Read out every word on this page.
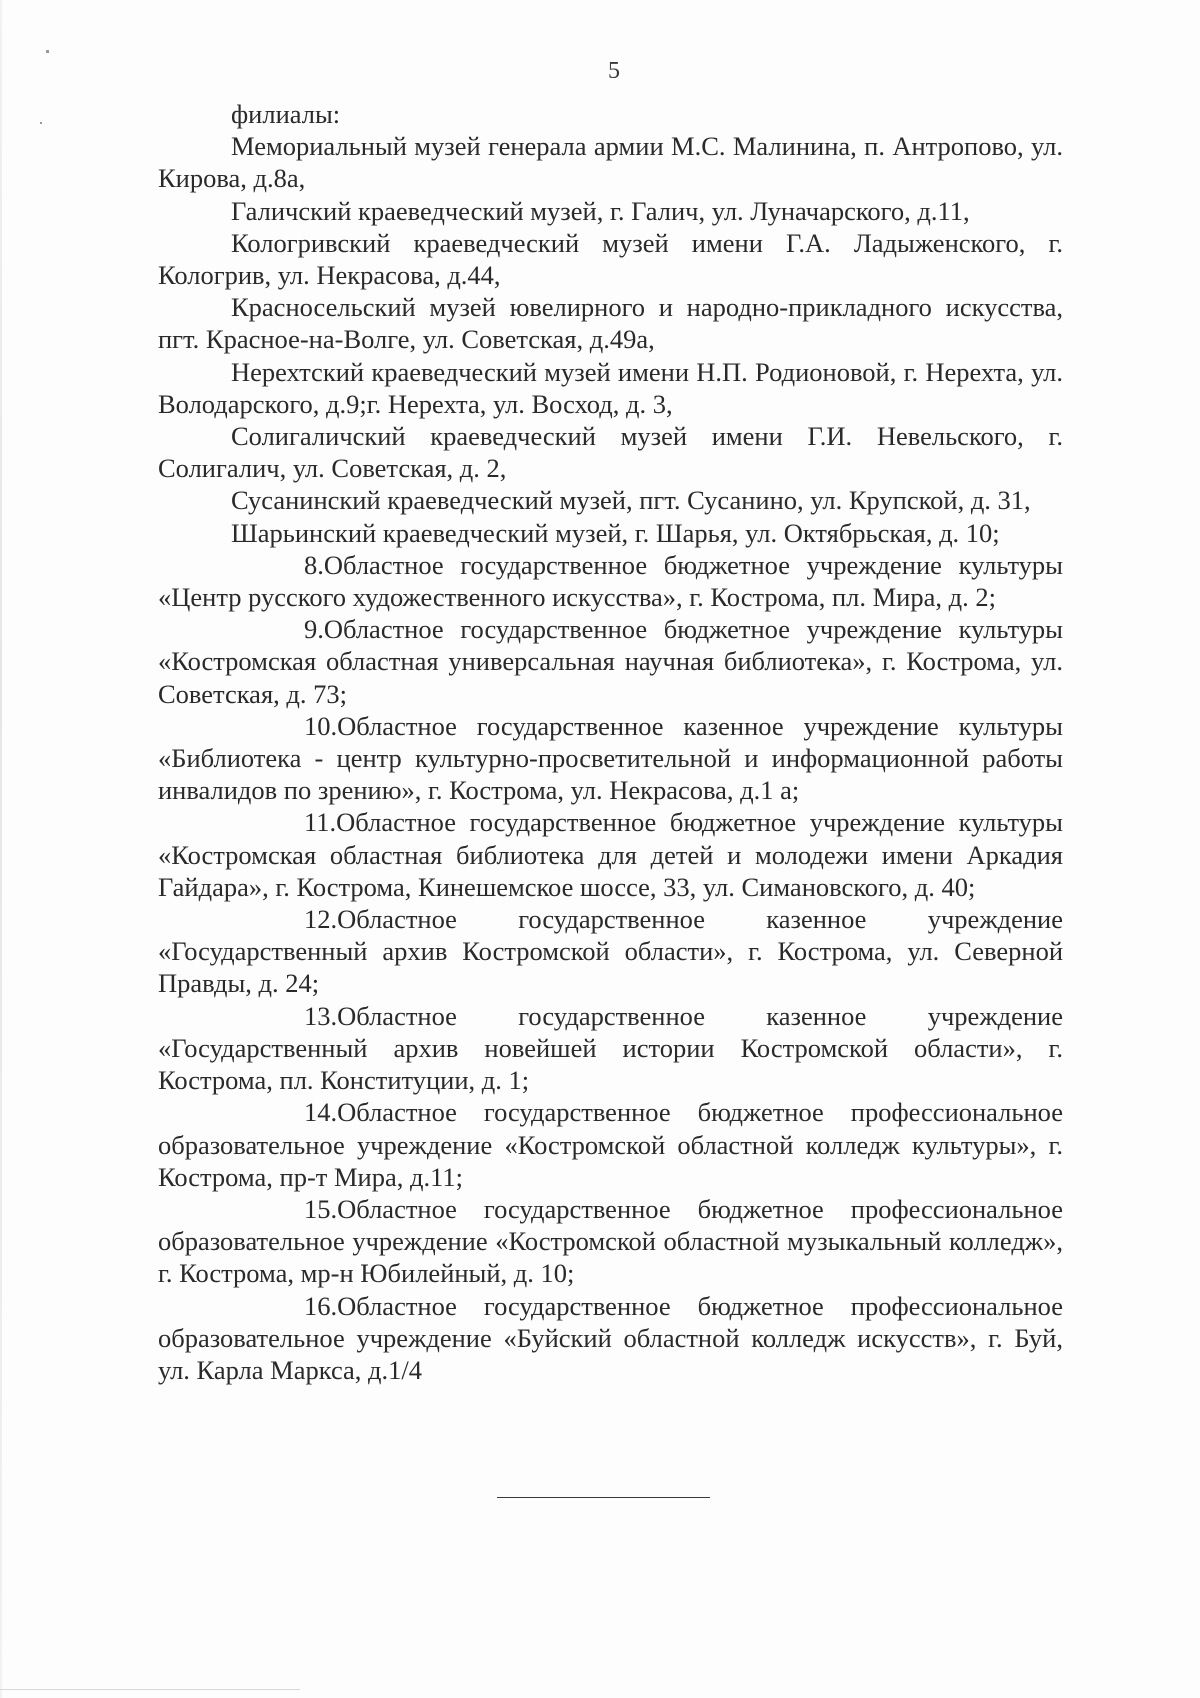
5

филиалы:

Мемориальный музей генерала армии М.С. Малинина, п. Антропово, ул. Кирова, д.8а,

Галичский краеведческий музей, г. Галич, ул. Луначарского, д.11,

Кологривский краеведческий музей имени Г.А. Ладыженского, г. Кологрив, ул. Некрасова, д.44,

Красносельский музей ювелирного и народно-прикладного искусства, пгт. Красное-на-Волге, ул. Советская, д.49а,

Нерехтский краеведческий музей имени Н.П. Родионовой, г. Нерехта, ул. Володарского, д.9;г. Нерехта, ул. Восход, д. 3,

Солигаличский краеведческий музей имени Г.И. Невельского, г. Солигалич, ул. Советская, д. 2,

Сусанинский краеведческий музей, пгт. Сусанино, ул. Крупской, д. 31,

Шарьинский краеведческий музей, г. Шарья, ул. Октябрьская, д. 10;

8.Областное государственное бюджетное учреждение культуры «Центр русского художественного искусства», г. Кострома, пл. Мира, д. 2;

9.Областное государственное бюджетное учреждение культуры «Костромская областная универсальная научная библиотека», г. Кострома, ул. Советская, д. 73;

10.Областное государственное казенное учреждение культуры «Библиотека - центр культурно-просветительной и информационной работы инвалидов по зрению», г. Кострома, ул. Некрасова, д.1 а;

11.Областное государственное бюджетное учреждение культуры «Костромская областная библиотека для детей и молодежи имени Аркадия Гайдара», г. Кострома, Кинешемское шоссе, 33, ул. Симановского, д. 40;

12.Областное государственное казенное учреждение «Государственный архив Костромской области», г. Кострома, ул. Северной Правды, д. 24;

13.Областное государственное казенное учреждение «Государственный архив новейшей истории Костромской области», г. Кострома, пл. Конституции, д. 1;

14.Областное государственное бюджетное профессиональное образовательное учреждение «Костромской областной колледж культуры», г. Кострома, пр-т Мира, д.11;

15.Областное государственное бюджетное профессиональное образовательное учреждение «Костромской областной музыкальный колледж», г. Кострома, мр-н Юбилейный, д. 10;

16.Областное государственное бюджетное профессиональное образовательное учреждение «Буйский областной колледж искусств», г. Буй, ул. Карла Маркса, д.1/4
